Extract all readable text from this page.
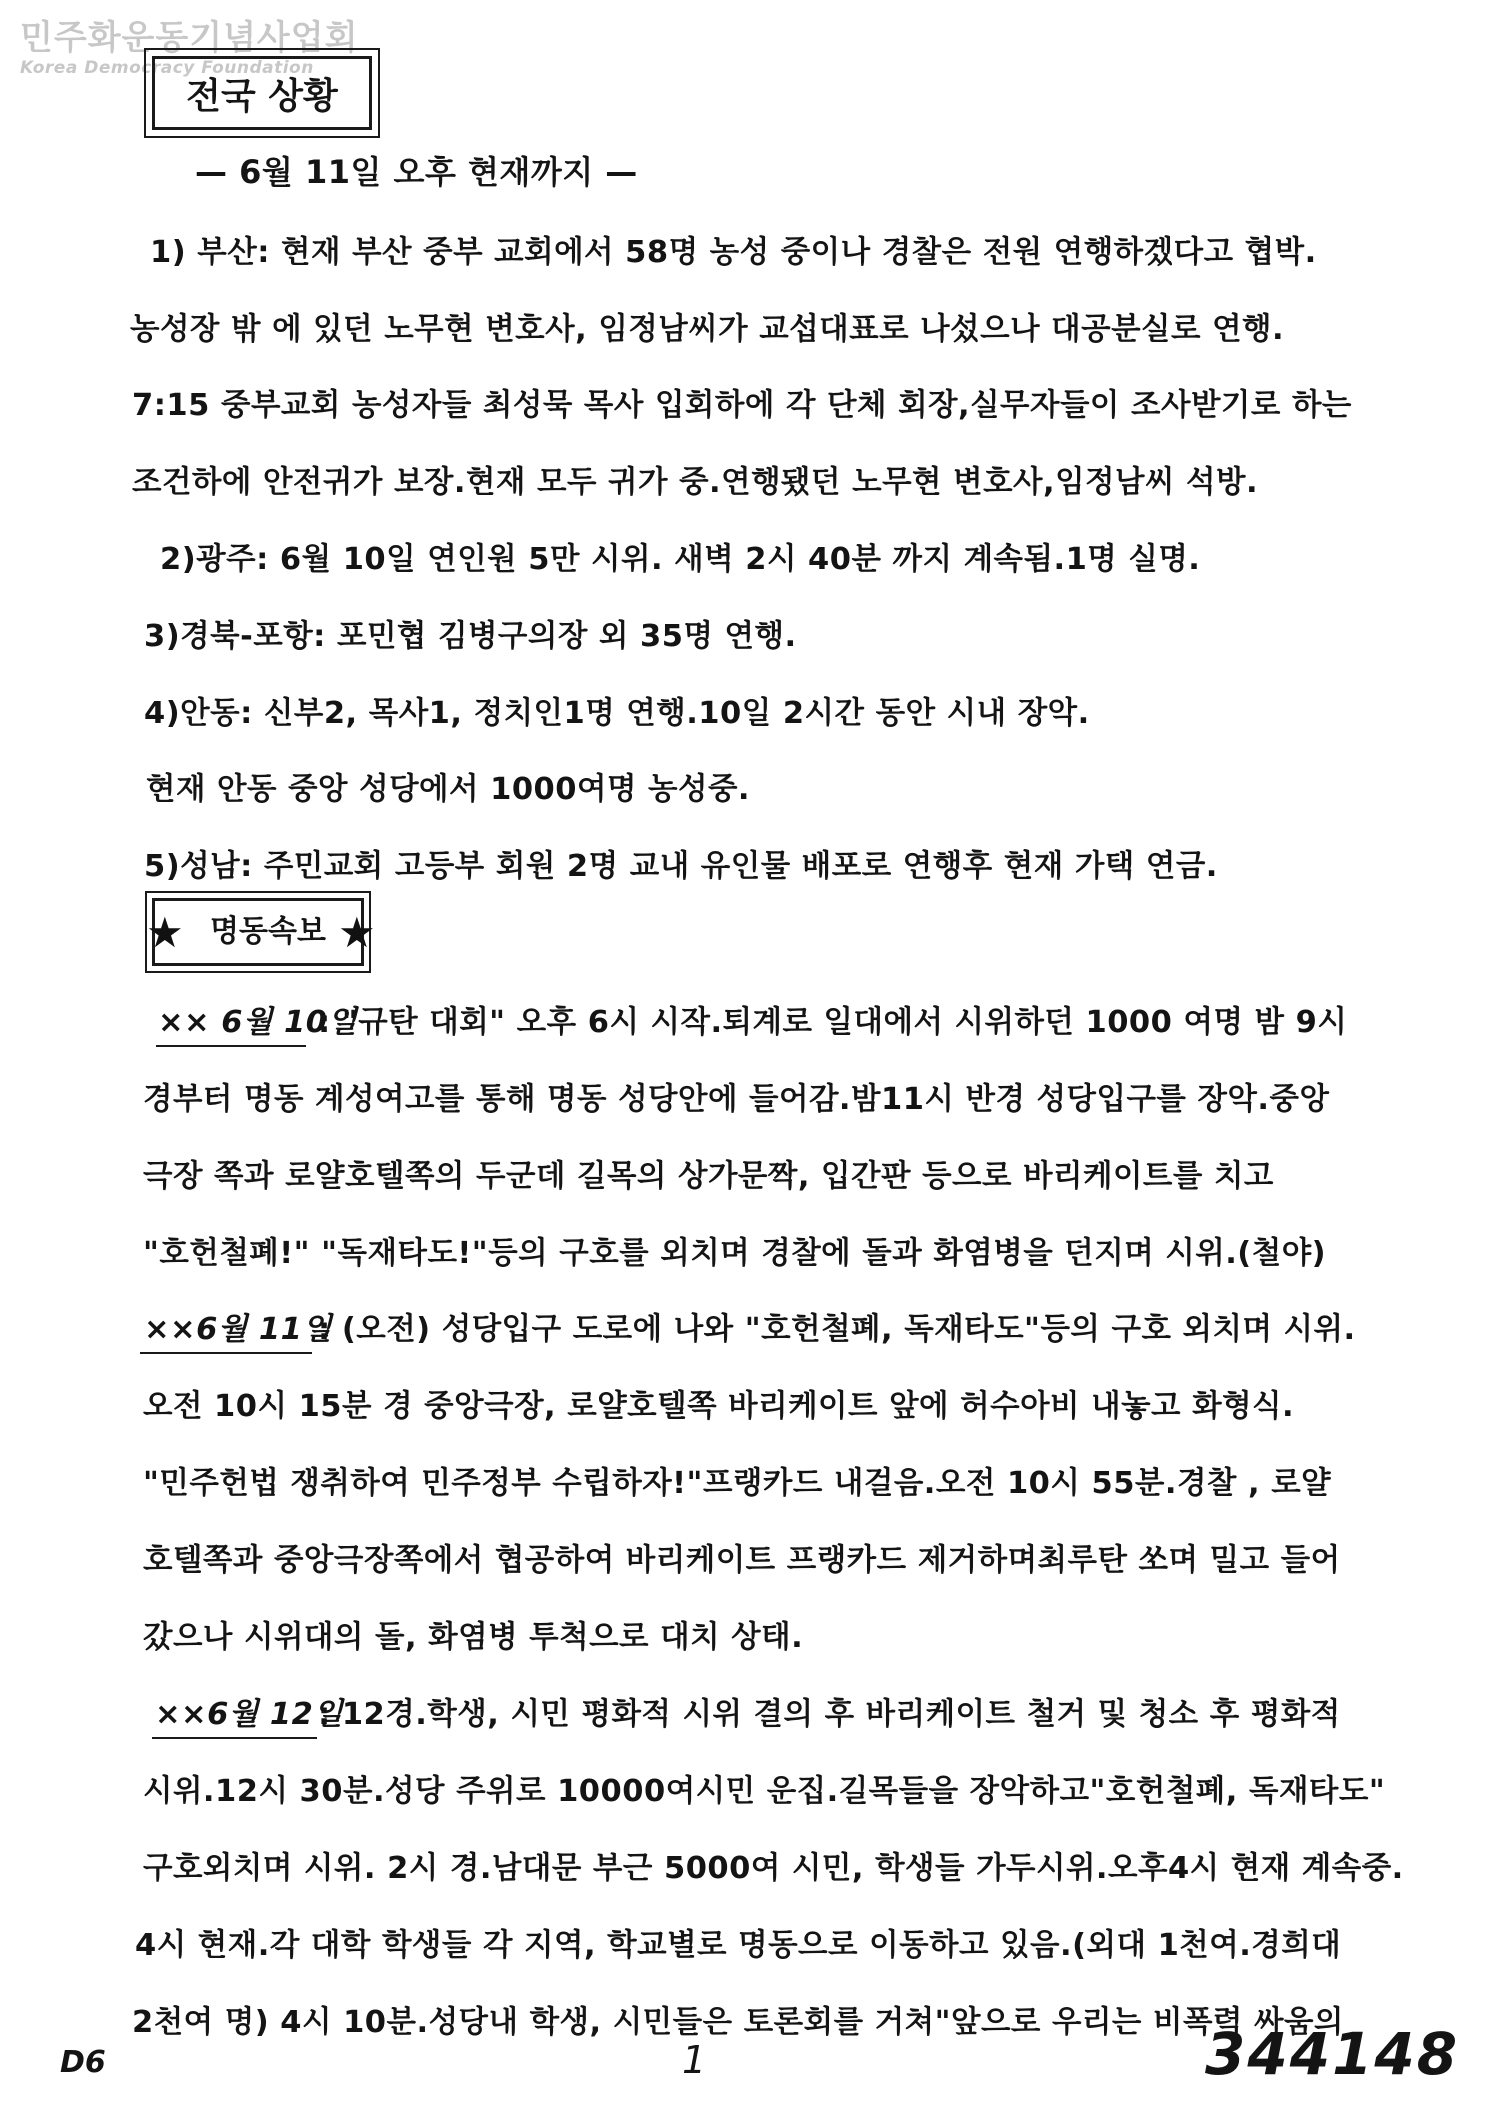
민주화운동기념사업회
Korea Democracy Foundation
전국 상황
— 6월 11일 오후 현재까지 —
1) 부산: 현재 부산 중부 교회에서 58명 농성 중이나 경찰은 전원 연행하겠다고 협박.
농성장 밖 에 있던 노무현 변호사, 임정남씨가 교섭대표로 나섰으나 대공분실로 연행.
7:15 중부교회 농성자들 최성묵 목사 입회하에 각 단체 회장,실무자들이 조사받기로 하는
조건하에 안전귀가 보장.현재 모두 귀가 중.연행됐던 노무현 변호사,임정남씨 석방.
2)광주: 6월 10일 연인원 5만 시위. 새벽 2시 40분 까지 계속됨.1명 실명.
3)경북-포항: 포민협 김병구의장 외 35명 연행.
4)안동: 신부2, 목사1, 정치인1명 연행.10일 2시간 동안 시내 장악.
현재 안동 중앙 성당에서 1000여명 농성중.
5)성남: 주민교회 고등부 회원 2명 교내 유인물 배포로 연행후 현재 가택 연금.
★	★
명동속보
×× 6월 10일
: "규탄 대회" 오후 6시 시작.퇴계로 일대에서 시위하던 1000 여명 밤 9시
경부터 명동 계성여고를 통해 명동 성당안에 들어감.밤11시 반경 성당입구를 장악.중앙
극장 쪽과 로얄호텔쪽의 두군데 길목의 상가문짝, 입간판 등으로 바리케이트를 치고
"호헌철폐!" "독재타도!"등의 구호를 외치며 경찰에 돌과 화염병을 던지며 시위.(철야)
××6월 11일
: (오전) 성당입구 도로에 나와 "호헌철폐, 독재타도"등의 구호 외치며 시위.
오전 10시 15분 경 중앙극장, 로얄호텔쪽 바리케이트 앞에 허수아비 내놓고 화형식.
"민주헌법 쟁취하여 민주정부 수립하자!"프랭카드 내걸음.오전 10시 55분.경찰 , 로얄
호텔쪽과 중앙극장쪽에서 협공하여 바리케이트 프랭카드 제거하며최루탄 쏘며 밀고 들어
갔으나 시위대의 돌, 화염병 투척으로 대치 상태.
××6월 12일
: 12경.학생, 시민 평화적 시위 결의 후 바리케이트 철거 및 청소 후 평화적
시위.12시 30분.성당 주위로 10000여시민 운집.길목들을 장악하고"호헌철폐, 독재타도"
구호외치며 시위. 2시 경.남대문 부근 5000여 시민, 학생들 가두시위.오후4시 현재 계속중.
4시 현재.각 대학 학생들 각 지역, 학교별로 명동으로 이동하고 있음.(외대 1천여.경희대
2천여 명) 4시 10분.성당내 학생, 시민들은 토론회를 거쳐"앞으로 우리는 비폭력 싸움의
D6	1	344148
